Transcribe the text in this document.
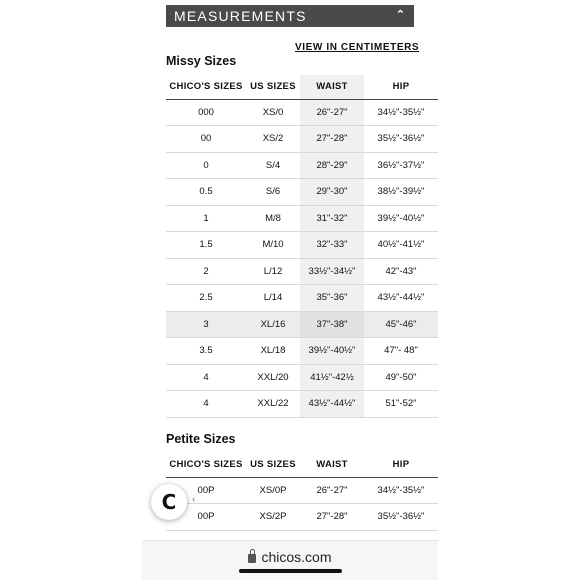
MEASUREMENTS	⌃
VIEW IN CENTIMETERS
Missy Sizes
CHICO'S SIZES	US SIZES	WAIST	HIP
000	XS/0	26"-27"	34½"-35½"
00	XS/2	27"-28"	35½"-36½"
0	S/4	28"-29"	36½"-37½"
0.5	S/6	29"-30"	38½"-39½"
1	M/8	31"-32"	39½"-40½"
1.5	M/10	32"-33"	40½"-41½"
2	L/12	33½"-34½"	42"-43"
2.5	L/14	35"-36"	43½"-44½"
3	XL/16	37"-38"	45"-46"
3.5	XL/18	39½"-40½"	47"- 48"
4	XXL/20	41½"-42½	49"-50"
4	XXL/22	43½"-44½"	51"-52"
Petite Sizes
CHICO'S SIZES	US SIZES	WAIST	HIP
00P	XS/0P	26"-27"	34½"-35½"
00P	XS/2P	27"-28"	35½"-36½"
C ‹
chicos.com
